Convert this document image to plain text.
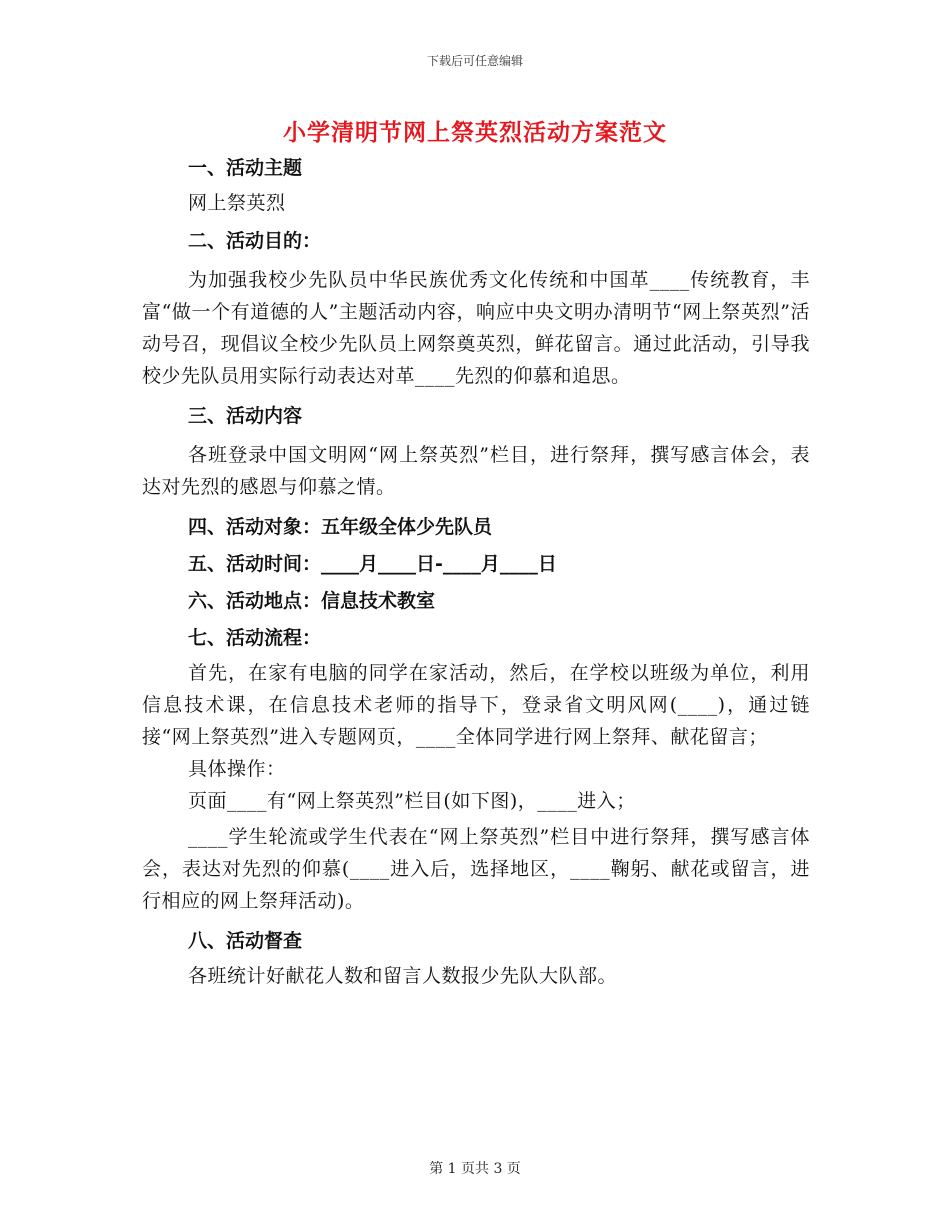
下载后可任意编辑
小学清明节网上祭英烈活动方案范文
一、活动主题

网上祭英烈

二、活动目的：

为加强我校少先队员中华民族优秀文化传统和中国革____传统教育，丰富“做一个有道德的人”主题活动内容，响应中央文明办清明节“网上祭英烈”活动号召，现倡议全校少先队员上网祭奠英烈，鲜花留言。通过此活动，引导我校少先队员用实际行动表达对革____先烈的仰慕和追思。

三、活动内容

各班登录中国文明网“网上祭英烈”栏目，进行祭拜，撰写感言体会，表达对先烈的感恩与仰慕之情。

四、活动对象：五年级全体少先队员
五、活动时间：____月____日-____月____日
六、活动地点：信息技术教室
七、活动流程：

首先，在家有电脑的同学在家活动，然后，在学校以班级为单位，利用信息技术课，在信息技术老师的指导下，登录省文明风网(____)，通过链接“网上祭英烈”进入专题网页，____全体同学进行网上祭拜、献花留言；

具体操作：

页面____有“网上祭英烈”栏目(如下图)，____进入；

____学生轮流或学生代表在“网上祭英烈”栏目中进行祭拜，撰写感言体会，表达对先烈的仰慕(____进入后，选择地区，____鞠躬、献花或留言，进行相应的网上祭拜活动)。

八、活动督查

各班统计好献花人数和留言人数报少先队大队部。

第 1 页共 3 页
